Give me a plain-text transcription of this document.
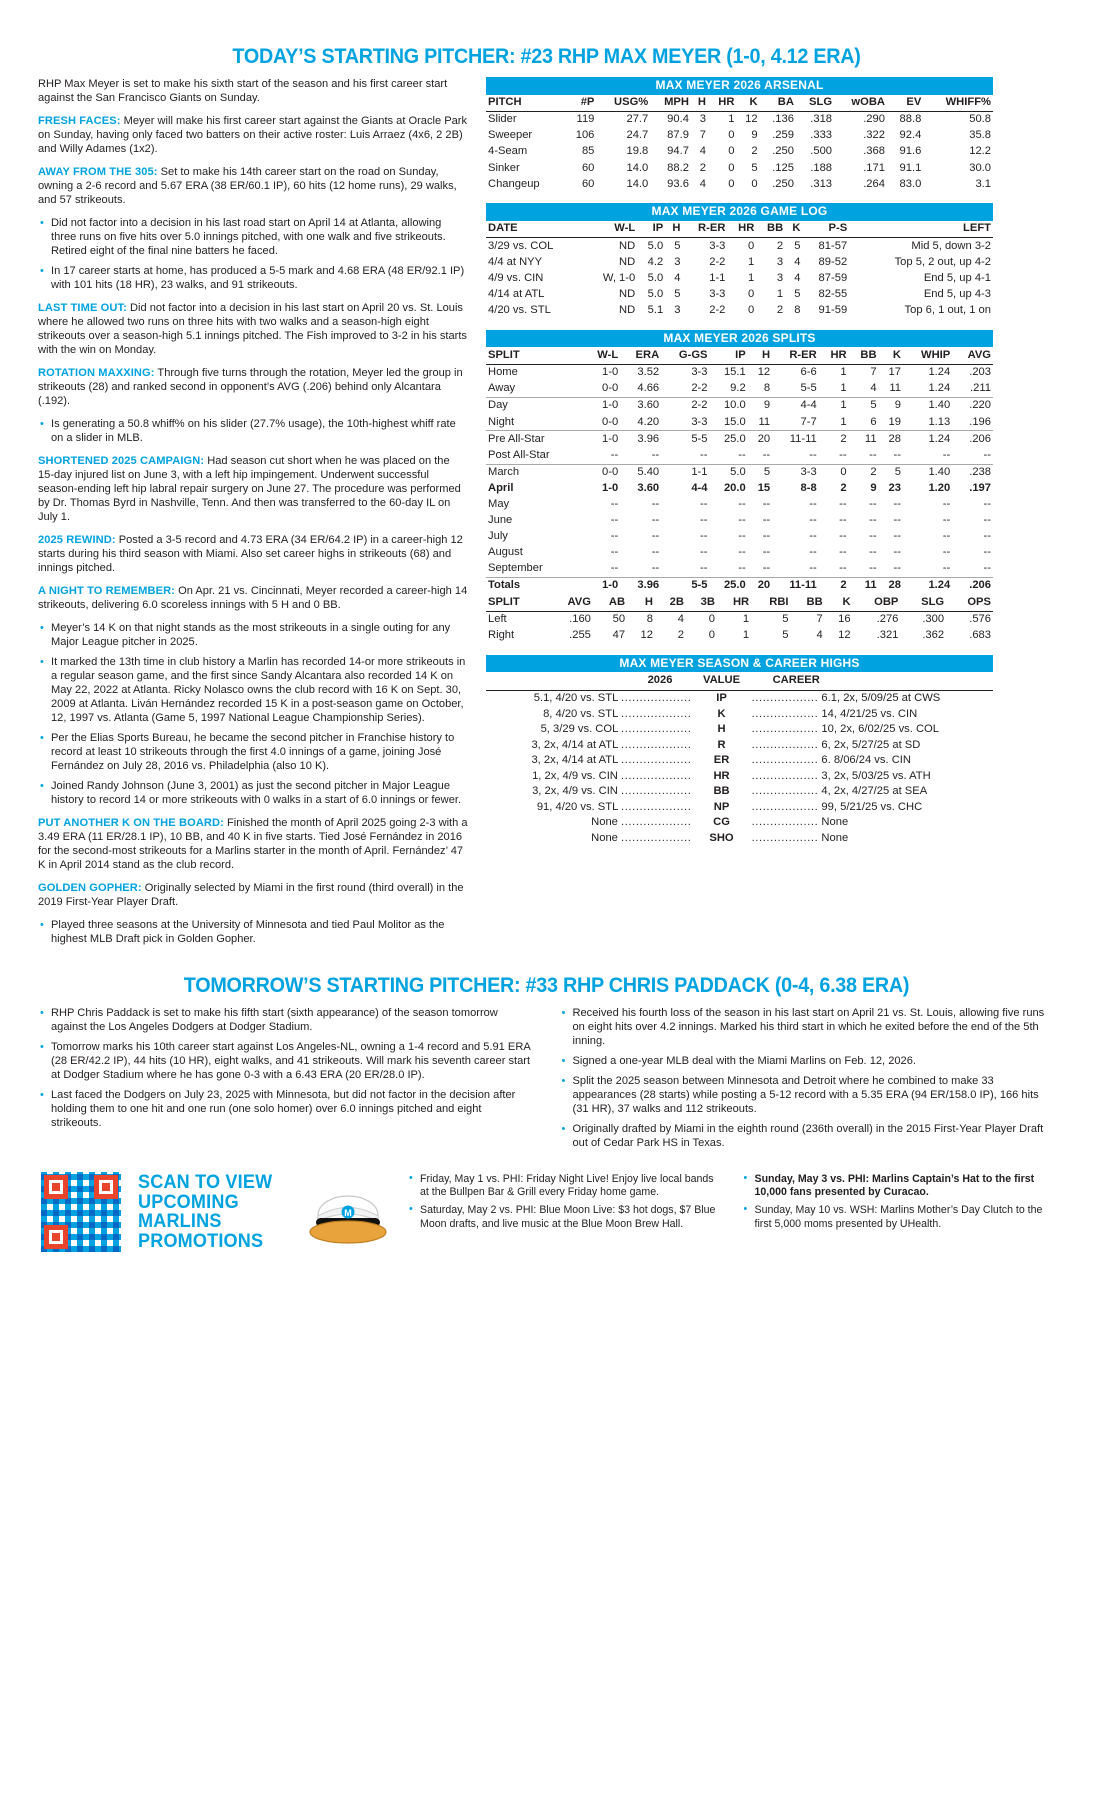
TODAY’S STARTING PITCHER: #23 RHP MAX MEYER (1-0, 4.12 ERA)

RHP Max Meyer is set to make his sixth start of the season and his first career start against the San Francisco Giants on Sunday.

FRESH FACES: Meyer will make his first career start against the Giants at Oracle Park on Sunday, having only faced two batters on their active roster: Luis Arraez (4x6, 2 2B) and Willy Adames (1x2).

AWAY FROM THE 305: Set to make his 14th career start on the road on Sunday, owning a 2-6 record and 5.67 ERA (38 ER/60.1 IP), 60 hits (12 home runs), 29 walks, and 57 strikeouts.

• Did not factor into a decision in his last road start on April 14 at Atlanta, allowing three runs on five hits over 5.0 innings pitched, with one walk and five strikeouts. Retired eight of the final nine batters he faced.
• In 17 career starts at home, has produced a 5-5 mark and 4.68 ERA (48 ER/92.1 IP) with 101 hits (18 HR), 23 walks, and 91 strikeouts.

LAST TIME OUT: Did not factor into a decision in his last start on April 20 vs. St. Louis where he allowed two runs on three hits with two walks and a season-high eight strikeouts over a season-high 5.1 innings pitched. The Fish improved to 3-2 in his starts with the win on Monday.

ROTATION MAXXING: Through five turns through the rotation, Meyer led the group in strikeouts (28) and ranked second in opponent’s AVG (.206) behind only Alcantara (.192).

• Is generating a 50.8 whiff% on his slider (27.7% usage), the 10th-highest whiff rate on a slider in MLB.

SHORTENED 2025 CAMPAIGN: Had season cut short when he was placed on the 15-day injured list on June 3, with a left hip impingement. Underwent successful season-ending left hip labral repair surgery on June 27. The procedure was performed by Dr. Thomas Byrd in Nashville, Tenn. And then was transferred to the 60-day IL on July 1.

2025 REWIND: Posted a 3-5 record and 4.73 ERA (34 ER/64.2 IP) in a career-high 12 starts during his third season with Miami. Also set career highs in strikeouts (68) and innings pitched.

A NIGHT TO REMEMBER: On Apr. 21 vs. Cincinnati, Meyer recorded a career-high 14 strikeouts, delivering 6.0 scoreless innings with 5 H and 0 BB.

• Meyer’s 14 K on that night stands as the most strikeouts in a single outing for any Major League pitcher in 2025.
• It marked the 13th time in club history a Marlin has recorded 14-or more strikeouts in a regular season game, and the first since Sandy Alcantara also recorded 14 K on May 22, 2022 at Atlanta. Ricky Nolasco owns the club record with 16 K on Sept. 30, 2009 at Atlanta. Liván Hernández recorded 15 K in a post-season game on October, 12, 1997 vs. Atlanta (Game 5, 1997 National League Championship Series).
• Per the Elias Sports Bureau, he became the second pitcher in Franchise history to record at least 10 strikeouts through the first 4.0 innings of a game, joining José Fernández on July 28, 2016 vs. Philadelphia (also 10 K).
• Joined Randy Johnson (June 3, 2001) as just the second pitcher in Major League history to record 14 or more strikeouts with 0 walks in a start of 6.0 innings or fewer.

PUT ANOTHER K ON THE BOARD: Finished the month of April 2025 going 2-3 with a 3.49 ERA (11 ER/28.1 IP), 10 BB, and 40 K in five starts. Tied José Fernández in 2016 for the second-most strikeouts for a Marlins starter in the month of April. Fernández’ 47 K in April 2014 stand as the club record.

GOLDEN GOPHER: Originally selected by Miami in the first round (third overall) in the 2019 First-Year Player Draft.

• Played three seasons at the University of Minnesota and tied Paul Molitor as the highest MLB Draft pick in Golden Gopher.
MAX MEYER 2026 ARSENAL
PITCH	#P	USG%	MPH	H	HR	K	BA	SLG	wOBA	EV	WHIFF%
Slider	119	27.7	90.4	3	1	12	.136	.318	.290	88.8	50.8
Sweeper	106	24.7	87.9	7	0	9	.259	.333	.322	92.4	35.8
4-Seam	85	19.8	94.7	4	0	2	.250	.500	.368	91.6	12.2
Sinker	60	14.0	88.2	2	0	5	.125	.188	.171	91.1	30.0
Changeup	60	14.0	93.6	4	0	0	.250	.313	.264	83.0	3.1
MAX MEYER 2026 GAME LOG
DATE	W-L	IP	H	R-ER	HR	BB	K	P-S	LEFT
3/29 vs. COL	ND	5.0	5	3-3	0	2	5	81-57	Mid 5, down 3-2
4/4 at NYY	ND	4.2	3	2-2	1	3	4	89-52	Top 5, 2 out, up 4-2
4/9 vs. CIN	W, 1-0	5.0	4	1-1	1	3	4	87-59	End 5, up 4-1
4/14 at ATL	ND	5.0	5	3-3	0	1	5	82-55	End 5, up 4-3
4/20 vs. STL	ND	5.1	3	2-2	0	2	8	91-59	Top 6, 1 out, 1 on
MAX MEYER 2026 SPLITS
SPLIT	W-L	ERA	G-GS	IP	H	R-ER	HR	BB	K	WHIP	AVG
Home	1-0	3.52	3-3	15.1	12	6-6	1	7	17	1.24	.203
Away	0-0	4.66	2-2	9.2	8	5-5	1	4	11	1.24	.211
Day	1-0	3.60	2-2	10.0	9	4-4	1	5	9	1.40	.220
Night	0-0	4.20	3-3	15.0	11	7-7	1	6	19	1.13	.196
Pre All-Star	1-0	3.96	5-5	25.0	20	11-11	2	11	28	1.24	.206
Post All-Star	--	--	--	--	--	--	--	--	--	--	--
March	0-0	5.40	1-1	5.0	5	3-3	0	2	5	1.40	.238
April	1-0	3.60	4-4	20.0	15	8-8	2	9	23	1.20	.197
May	--	--	--	--	--	--	--	--	--	--	--
June	--	--	--	--	--	--	--	--	--	--	--
July	--	--	--	--	--	--	--	--	--	--	--
August	--	--	--	--	--	--	--	--	--	--	--
September	--	--	--	--	--	--	--	--	--	--	--
Totals	1-0	3.96	5-5	25.0	20	11-11	2	11	28	1.24	.206
SPLIT	AVG	AB	H	2B	3B	HR	RBI	BB	K	OBP	SLG	OPS
Left	.160	50	8	4	0	1	5	7	16	.276	.300	.576
Right	.255	47	12	2	0	1	5	4	12	.321	.362	.683
MAX MEYER SEASON & CAREER HIGHS
2026	VALUE	CAREER
5.1, 4/20 vs. STL ...................	IP	.................. 6.1, 2x, 5/09/25 at CWS
8, 4/20 vs. STL ...................	K	.................. 14, 4/21/25 vs. CIN
5, 3/29 vs. COL ...................	H	.................. 10, 2x, 6/02/25 vs. COL
3, 2x, 4/14 at ATL ...................	R	.................. 6, 2x, 5/27/25 at SD
3, 2x, 4/14 at ATL ...................	ER	.................. 6. 8/06/24 vs. CIN
1, 2x, 4/9 vs. CIN ...................	HR	.................. 3, 2x, 5/03/25 vs. ATH
3, 2x, 4/9 vs. CIN ...................	BB	.................. 4, 2x, 4/27/25 at SEA
91, 4/20 vs. STL ...................	NP	.................. 99, 5/21/25 vs. CHC
None ...................	CG	.................. None
None ...................	SHO	.................. None
TOMORROW’S STARTING PITCHER: #33 RHP CHRIS PADDACK (0-4, 6.38 ERA)
• RHP Chris Paddack is set to make his fifth start (sixth appearance) of the season tomorrow against the Los Angeles Dodgers at Dodger Stadium.
• Tomorrow marks his 10th career start against Los Angeles-NL, owning a 1-4 record and 5.91 ERA (28 ER/42.2 IP), 44 hits (10 HR), eight walks, and 41 strikeouts. Will mark his seventh career start at Dodger Stadium where he has gone 0-3 with a 6.43 ERA (20 ER/28.0 IP).
• Last faced the Dodgers on July 23, 2025 with Minnesota, but did not factor in the decision after holding them to one hit and one run (one solo homer) over 6.0 innings pitched and eight strikeouts.
• Received his fourth loss of the season in his last start on April 21 vs. St. Louis, allowing five runs on eight hits over 4.2 innings. Marked his third start in which he exited before the end of the 5th inning.
• Signed a one-year MLB deal with the Miami Marlins on Feb. 12, 2026.
• Split the 2025 season between Minnesota and Detroit where he combined to make 33 appearances (28 starts) while posting a 5-12 record with a 5.35 ERA (94 ER/158.0 IP), 166 hits (31 HR), 37 walks and 112 strikeouts.
• Originally drafted by Miami in the eighth round (236th overall) in the 2015 First-Year Player Draft out of Cedar Park HS in Texas.
SCAN TO VIEW
UPCOMING
MARLINS
PROMOTIONS
M
• Friday, May 1 vs. PHI: Friday Night Live! Enjoy live local bands at the Bullpen Bar & Grill every Friday home game.
• Saturday, May 2 vs. PHI: Blue Moon Live: $3 hot dogs, $7 Blue Moon drafts, and live music at the Blue Moon Brew Hall.
• Sunday, May 3 vs. PHI: Marlins Captain’s Hat to the first 10,000 fans presented by Curacao.
• Sunday, May 10 vs. WSH: Marlins Mother’s Day Clutch to the first 5,000 moms presented by UHealth.
